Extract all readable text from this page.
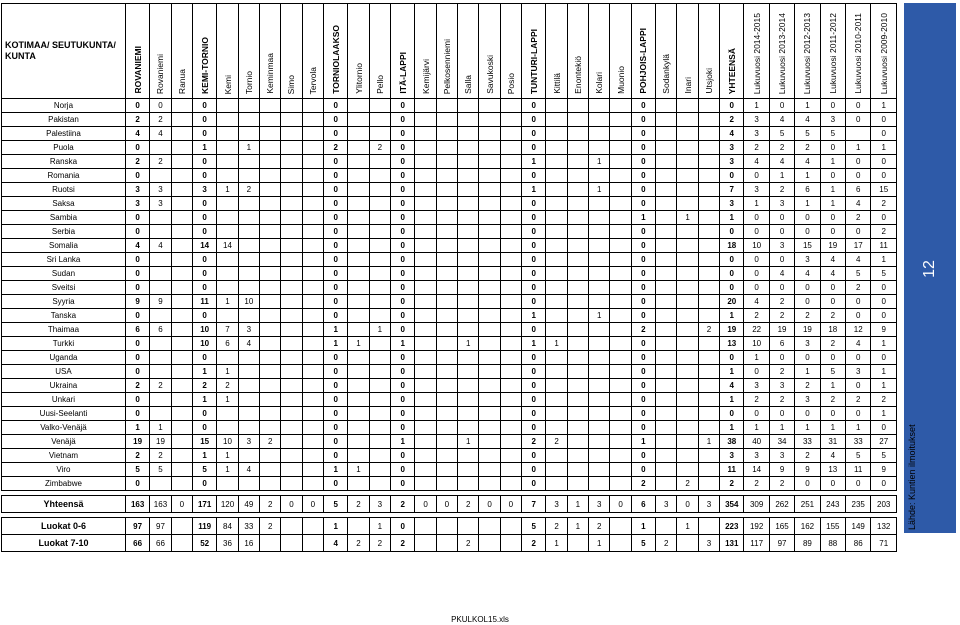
KOTIMAA/ SEUTUKUNTA/ KUNTA	ROVANIEMI	Rovaniemi	Ranua	KEMI-TORNIO	Kemi	Tornio	Keminmaa	Simo	Tervola	TORNIOLAAKSO	Ylitornio	Pello	ITÄ-LAPPI	Kemijärvi	Pelkosenniemi	Salla	Savukoski	Posio	TUNTURI-LAPPI	Kittilä	Enontekiö	Kolari	Muonio	POHJOIS-LAPPI	Sodankylä	Inari	Utsjoki	YHTEENSÄ	Lukuvuosi 2014-2015	Lukuvuosi 2013-2014	Lukuvuosi 2012-2013	Lukuvuosi 2011-2012	Lukuvuosi 2010-2011	Lukuvuosi 2009-2010
Norja	0	0		0						0			0						0					0				0	1	0	1	0	0	1
Pakistan	2	2		0						0			0						0					0				2	3	4	4	3	0	0
Palestiina	4	4		0						0			0						0					0				4	3	5	5	5		0
Puola	0			1		1				2		2	0						0					0				3	2	2	2	0	1	1
Ranska	2	2		0						0			0						1			1		0				3	4	4	4	1	0	0
Romania	0			0						0			0						0					0				0	0	1	1	0	0	0
Ruotsi	3	3		3	1	2				0			0						1			1		0				7	3	2	6	1	6	15
Saksa	3	3		0						0			0						0					0				3	1	3	1	1	4	2
Sambia	0			0						0			0						0					1		1		1	0	0	0	0	2	0
Serbia	0			0						0			0						0					0				0	0	0	0	0	0	2
Somalia	4	4		14	14					0			0						0					0				18	10	3	15	19	17	11
Sri Lanka	0			0						0			0						0					0				0	0	0	3	4	4	1
Sudan	0			0						0			0						0					0				0	0	4	4	4	5	5
Sveitsi	0			0						0			0						0					0				0	0	0	0	0	2	0
Syyria	9	9		11	1	10				0			0						0					0				20	4	2	0	0	0	0
Tanska	0			0						0			0						1			1		0				1	2	2	2	2	0	0
Thaimaa	6	6		10	7	3				1		1	0						0					2			2	19	22	19	19	18	12	9
Turkki	0			10	6	4				1	1		1			1			1	1				0				13	10	6	3	2	4	1
Uganda	0			0						0			0						0					0				0	1	0	0	0	0	0
USA	0			1	1					0			0						0					0				1	0	2	1	5	3	1
Ukraina	2	2		2	2					0			0						0					0				4	3	3	2	1	0	1
Unkari	0			1	1					0			0						0					0				1	2	2	3	2	2	2
Uusi-Seelanti	0			0						0			0						0					0				0	0	0	0	0	0	1
Valko-Venäjä	1	1		0						0			0						0					0				1	1	1	1	1	1	0
Venäjä	19	19		15	10	3	2			0			1			1			2	2				1			1	38	40	34	33	31	33	27
Vietnam	2	2		1	1					0			0						0					0				3	3	3	2	4	5	5
Viro	5	5		5	1	4				1	1		0						0					0				11	14	9	9	13	11	9
Zimbabwe	0			0						0			0						0					2		2		2	2	2	0	0	0	0

Yhteensä	163	163	0	171	120	49	2	0	0	5	2	3	2	0	0	2	0	0	7	3	1	3	0	6	3	0	3	354	309	262	251	243	235	203

Luokat 0-6	97	97		119	84	33	2			1		1	0						5	2	1	2		1		1		223	192	165	162	155	149	132
Luokat 7-10	66	66		52	36	16				4	2	2	2			2			2	1		1		5	2		3	131	117	97	89	88	86	71
12
Lähde: Kuntien ilmoitukset
PKULKOL15.xls
